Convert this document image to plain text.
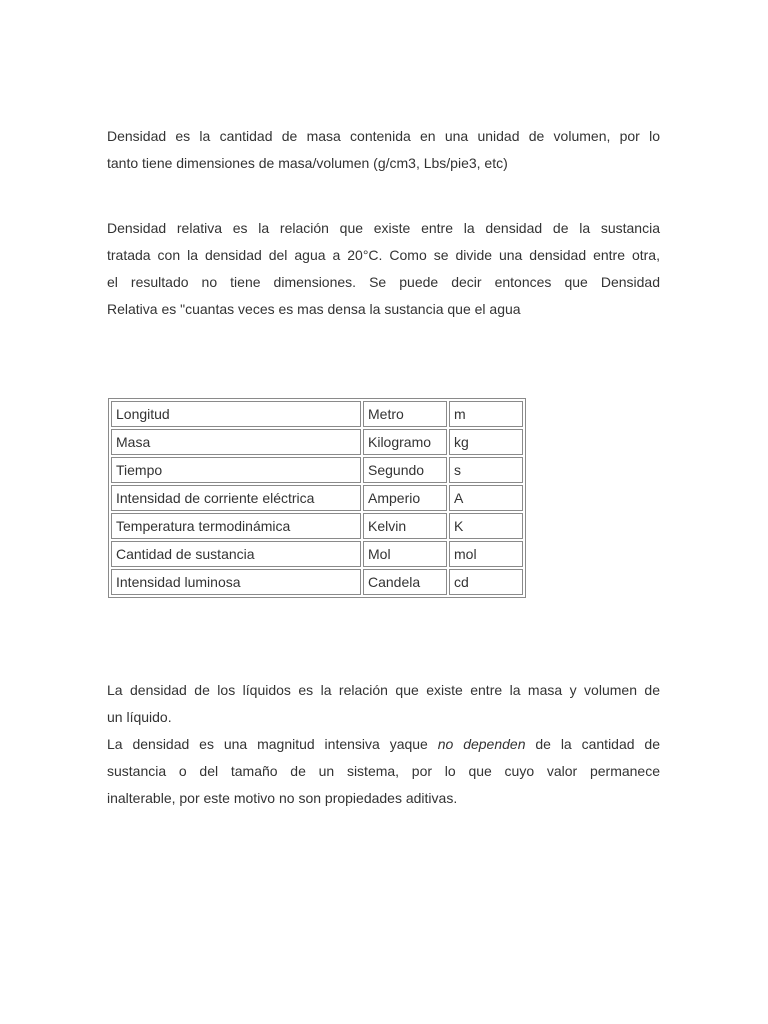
Densidad es la cantidad de masa contenida en una unidad de volumen, por lo
tanto tiene dimensiones de masa/volumen (g/cm3, Lbs/pie3, etc)

Densidad relativa es la relación que existe entre la densidad de la sustancia
tratada con la densidad del agua a 20°C. Como se divide una densidad entre otra,
el resultado no tiene dimensiones. Se puede decir entonces que Densidad
Relativa es "cuantas veces es mas densa la sustancia que el agua

Longitud	Metro	m
Masa	Kilogramo	kg
Tiempo	Segundo	s
Intensidad de corriente eléctrica	Amperio	A
Temperatura termodinámica	Kelvin	K
Cantidad de sustancia	Mol	mol
Intensidad luminosa	Candela	cd

La densidad de los líquidos es la relación que existe entre la masa y volumen de
un líquido.

La densidad es una magnitud intensiva yaque no dependen de la cantidad de
sustancia o del tamaño de un sistema, por lo que cuyo valor permanece
inalterable, por este motivo no son propiedades aditivas.
